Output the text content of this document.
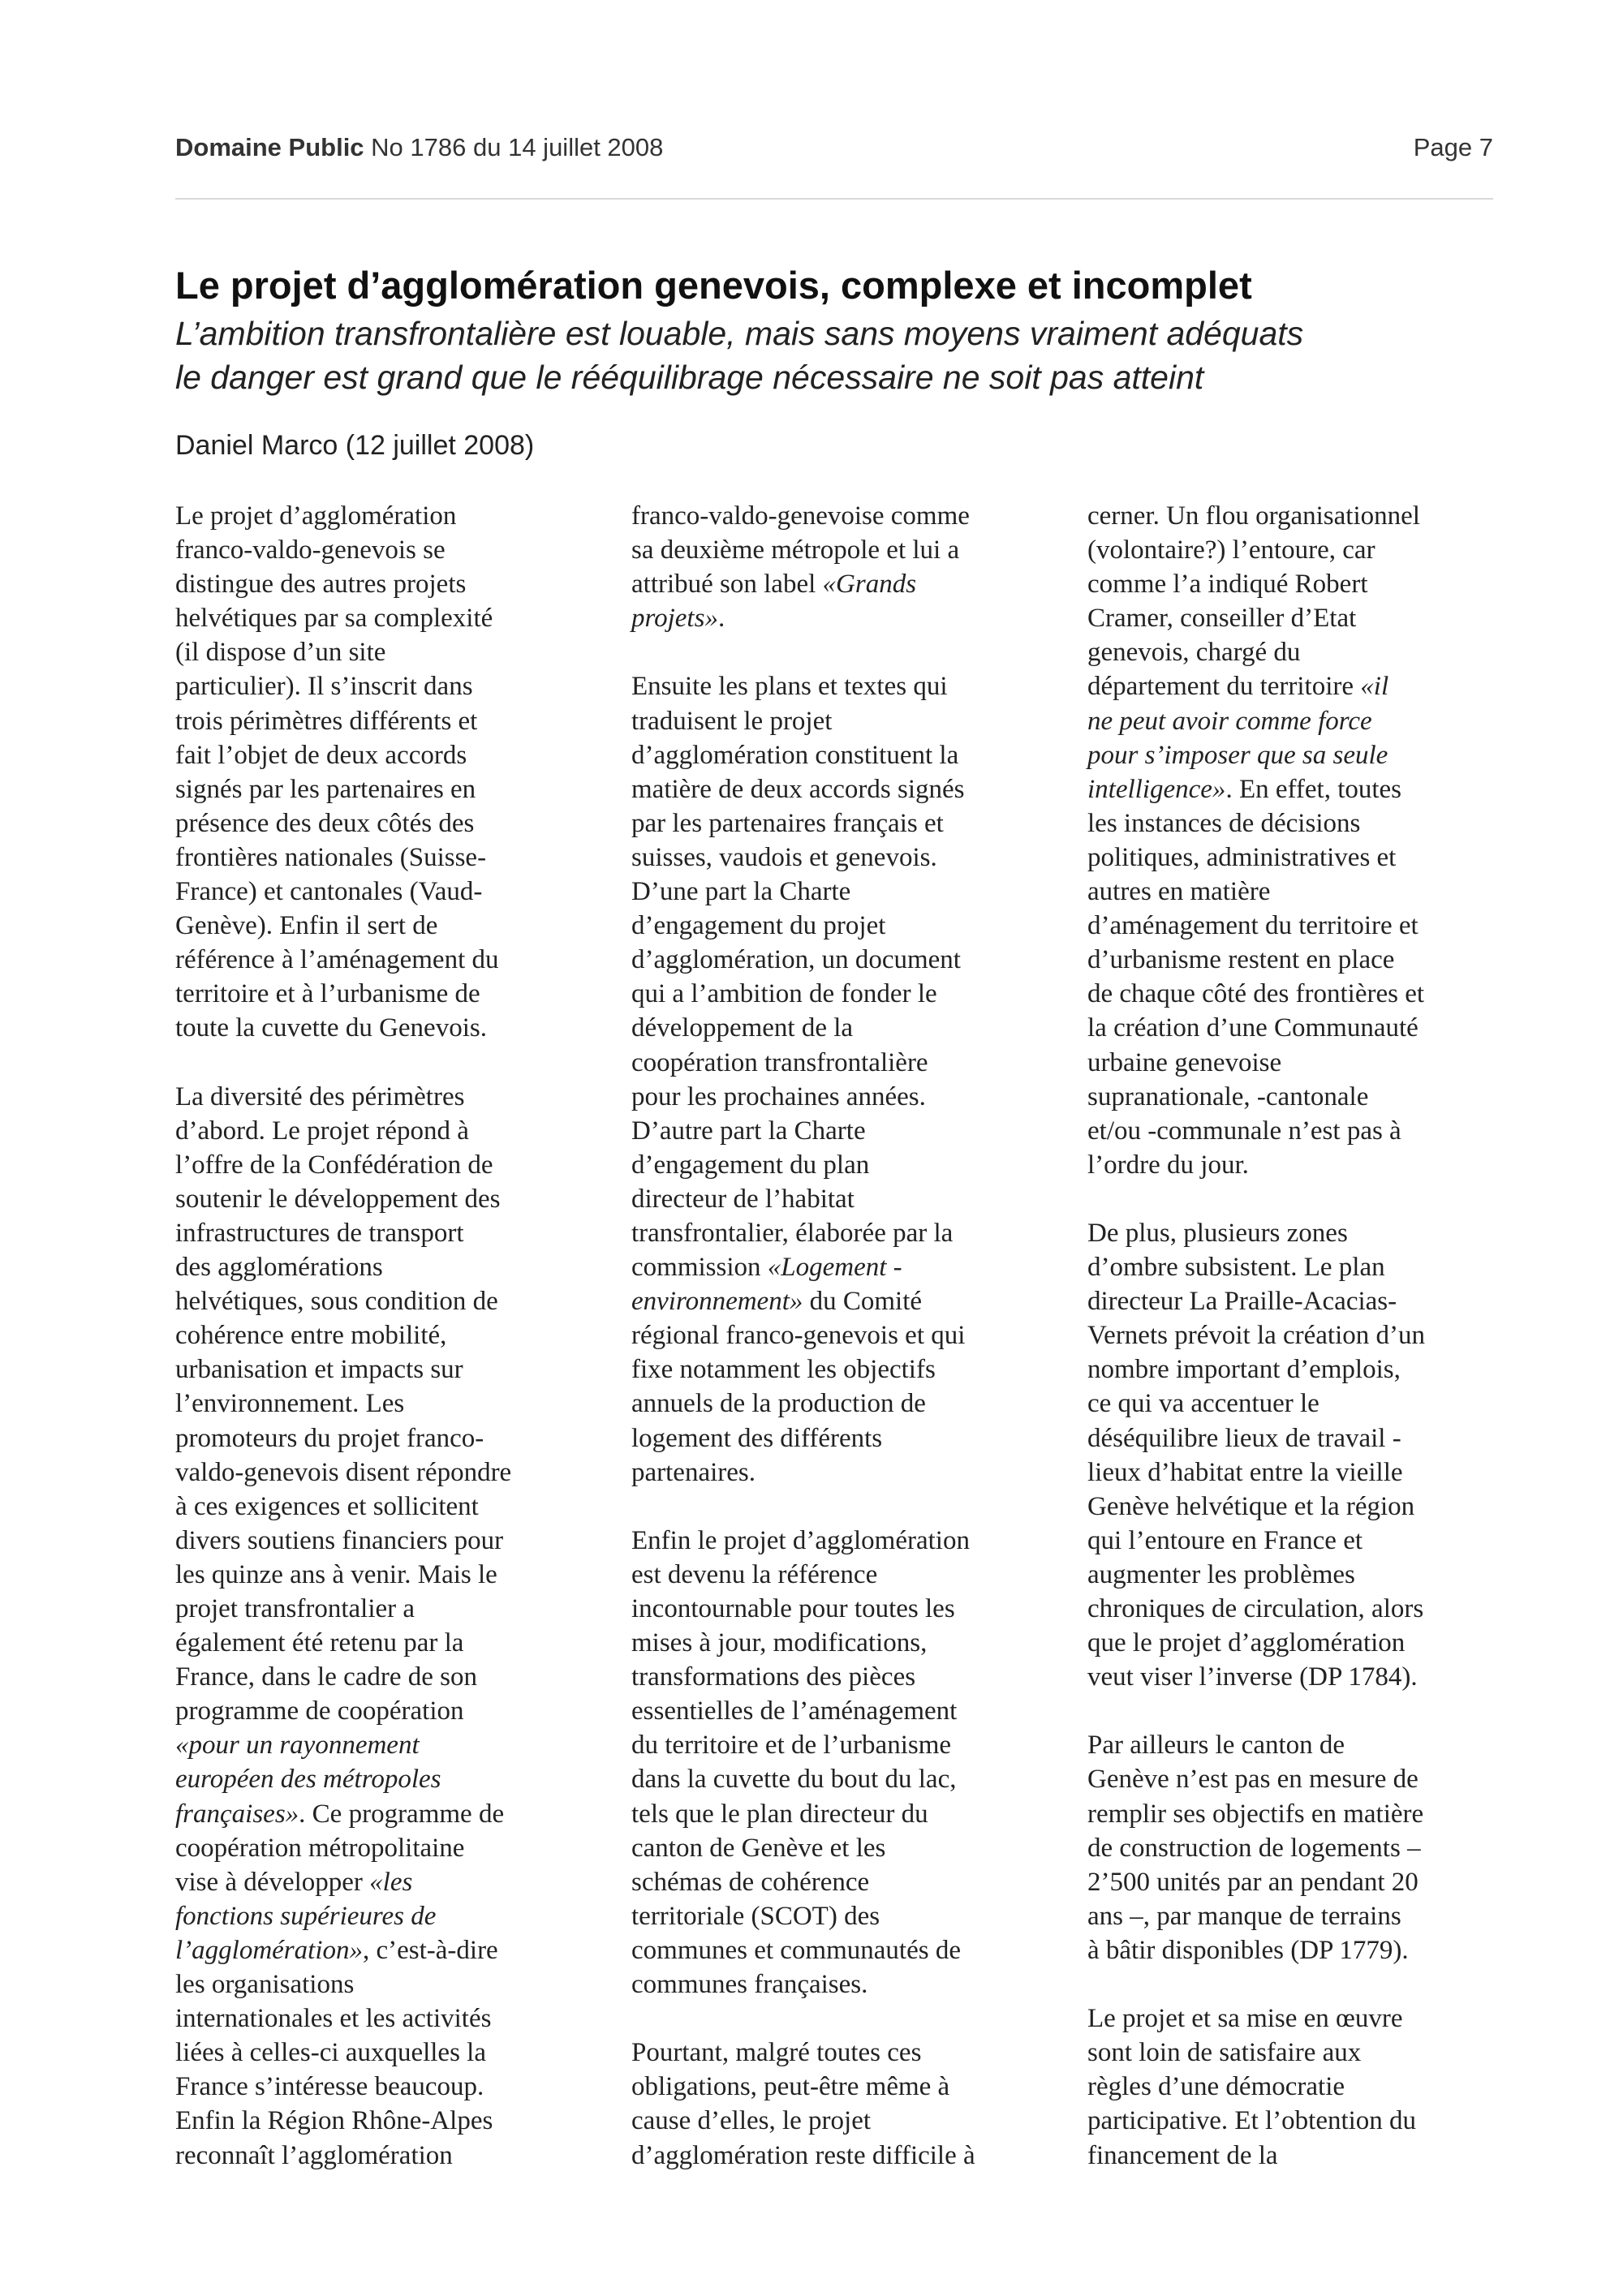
Domaine Public No 1786 du 14 juillet 2008	Page 7
Le projet d’agglomération genevois, complexe et incomplet
L’ambition transfrontalière est louable, mais sans moyens vraiment adéquats
le danger est grand que le rééquilibrage nécessaire ne soit pas atteint
Daniel Marco (12 juillet 2008)
Le projet d’agglomération
franco-valdo-genevois se
distingue des autres projets
helvétiques par sa complexité
(il dispose d’un site
particulier). Il s’inscrit dans
trois périmètres différents et
fait l’objet de deux accords
signés par les partenaires en
présence des deux côtés des
frontières nationales (Suisse-
France) et cantonales (Vaud-
Genève). Enfin il sert de
référence à l’aménagement du
territoire et à l’urbanisme de
toute la cuvette du Genevois.
La diversité des périmètres
d’abord. Le projet répond à
l’offre de la Confédération de
soutenir le développement des
infrastructures de transport
des agglomérations
helvétiques, sous condition de
cohérence entre mobilité,
urbanisation et impacts sur
l’environnement. Les
promoteurs du projet franco-
valdo-genevois disent répondre
à ces exigences et sollicitent
divers soutiens financiers pour
les quinze ans à venir. Mais le
projet transfrontalier a
également été retenu par la
France, dans le cadre de son
programme de coopération
«pour un rayonnement
européen des métropoles
françaises». Ce programme de
coopération métropolitaine
vise à développer «les
fonctions supérieures de
l’agglomération», c’est-à-dire
les organisations
internationales et les activités
liées à celles-ci auxquelles la
France s’intéresse beaucoup.
Enfin la Région Rhône-Alpes
reconnaît l’agglomération
franco-valdo-genevoise comme
sa deuxième métropole et lui a
attribué son label «Grands
projets».
Ensuite les plans et textes qui
traduisent le projet
d’agglomération constituent la
matière de deux accords signés
par les partenaires français et
suisses, vaudois et genevois.
D’une part la Charte
d’engagement du projet
d’agglomération, un document
qui a l’ambition de fonder le
développement de la
coopération transfrontalière
pour les prochaines années.
D’autre part la Charte
d’engagement du plan
directeur de l’habitat
transfrontalier, élaborée par la
commission «Logement -
environnement» du Comité
régional franco-genevois et qui
fixe notamment les objectifs
annuels de la production de
logement des différents
partenaires.
Enfin le projet d’agglomération
est devenu la référence
incontournable pour toutes les
mises à jour, modifications,
transformations des pièces
essentielles de l’aménagement
du territoire et de l’urbanisme
dans la cuvette du bout du lac,
tels que le plan directeur du
canton de Genève et les
schémas de cohérence
territoriale (SCOT) des
communes et communautés de
communes françaises.
Pourtant, malgré toutes ces
obligations, peut-être même à
cause d’elles, le projet
d’agglomération reste difficile à
cerner. Un flou organisationnel
(volontaire?) l’entoure, car
comme l’a indiqué Robert
Cramer, conseiller d’Etat
genevois, chargé du
département du territoire «il
ne peut avoir comme force
pour s’imposer que sa seule
intelligence». En effet, toutes
les instances de décisions
politiques, administratives et
autres en matière
d’aménagement du territoire et
d’urbanisme restent en place
de chaque côté des frontières et
la création d’une Communauté
urbaine genevoise
supranationale, -cantonale
et/ou -communale n’est pas à
l’ordre du jour.
De plus, plusieurs zones
d’ombre subsistent. Le plan
directeur La Praille-Acacias-
Vernets prévoit la création d’un
nombre important d’emplois,
ce qui va accentuer le
déséquilibre lieux de travail -
lieux d’habitat entre la vieille
Genève helvétique et la région
qui l’entoure en France et
augmenter les problèmes
chroniques de circulation, alors
que le projet d’agglomération
veut viser l’inverse (DP 1784).
Par ailleurs le canton de
Genève n’est pas en mesure de
remplir ses objectifs en matière
de construction de logements –
2’500 unités par an pendant 20
ans –, par manque de terrains
à bâtir disponibles (DP 1779).
Le projet et sa mise en œuvre
sont loin de satisfaire aux
règles d’une démocratie
participative. Et l’obtention du
financement de la
